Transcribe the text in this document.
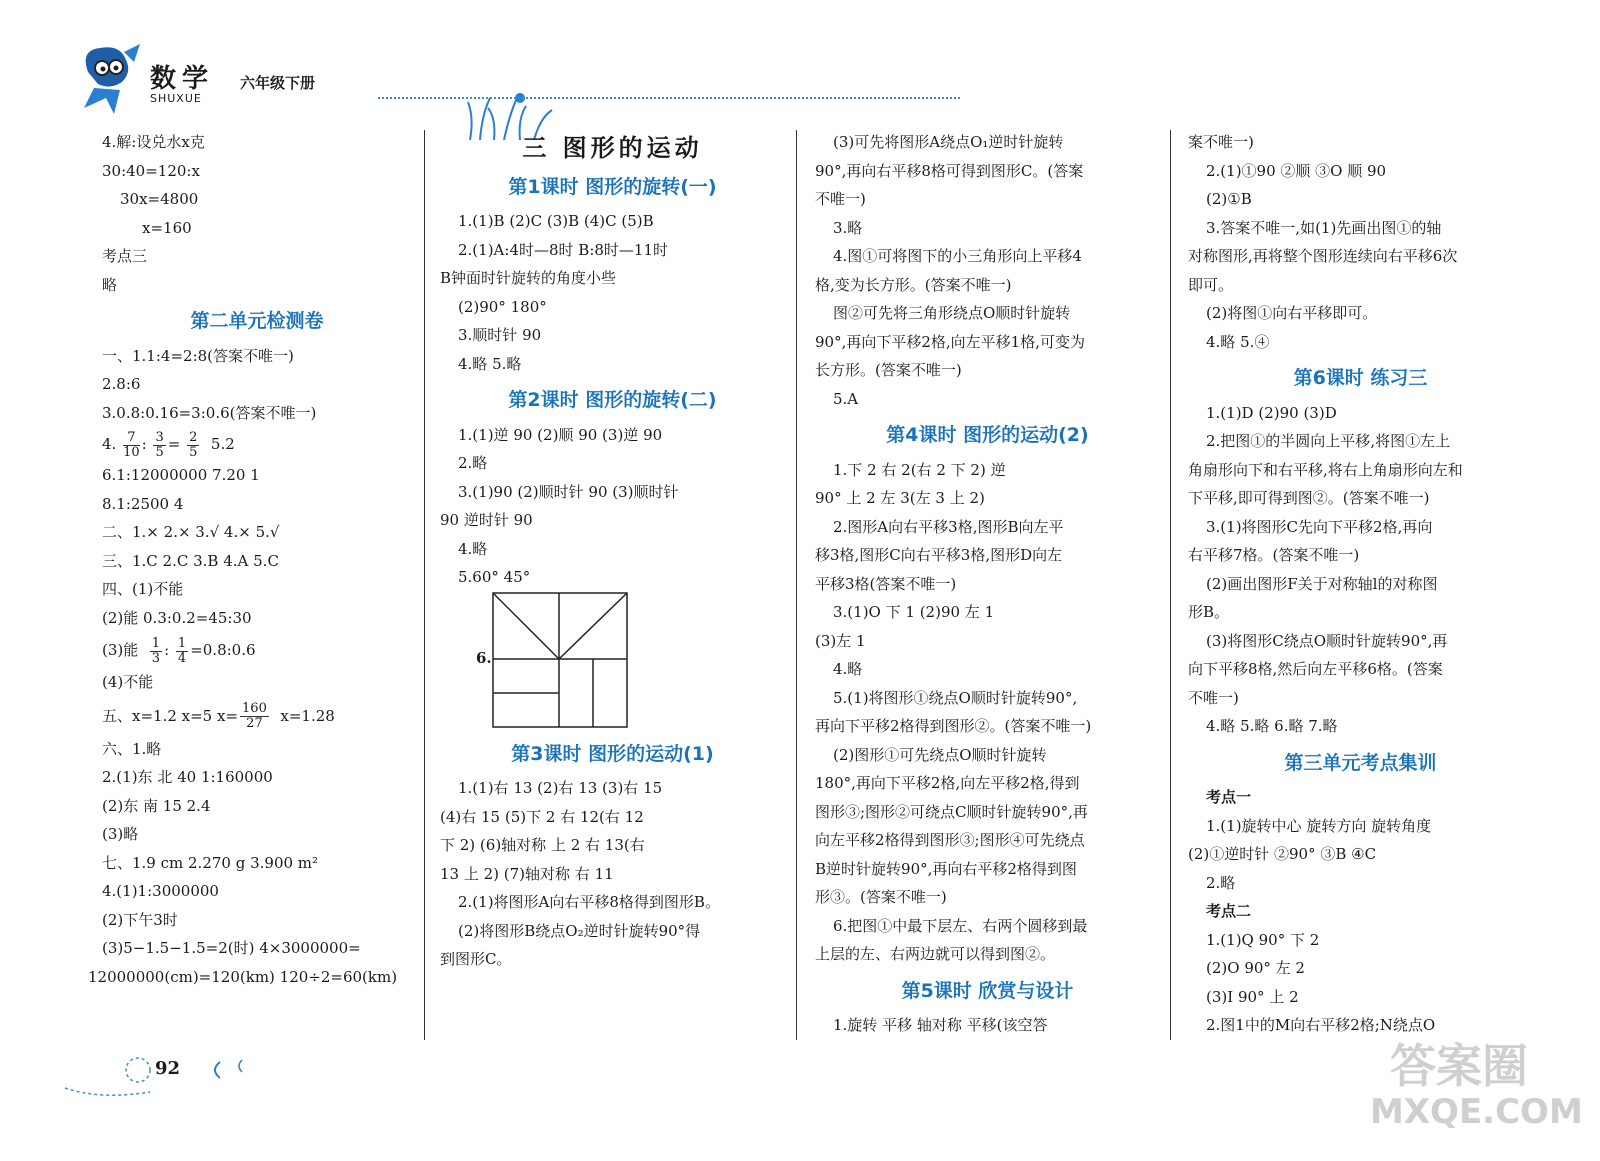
数学
SHUXUE
六年级下册
4.解:设兑水x克
30:40=120:x
30x=4800
x=160
考点三
略
第二单元检测卷
一、1.1:4=2:8(答案不唯一)
2.8:6
3.0.8:0.16=3:0.6(答案不唯一)
4. $\frac{7}{10}$ : $\frac{3}{5} = \frac{2}{5} 5.2$
6.1:12000000 7.20 1
8.1:2500 4
二、1.× 2.× 3.√ 4.× 5.√
三、1.C 2.C 3.B 4.A 5.C
四、(1)不能
(2)能 0.3:0.2=45:30
(3)能 $\frac{1}{3}$ : $\frac{1}{4}$ =0.8:0.6
(4)不能
五、x=1.2 x=5 $x= \frac{160}{27} x=1.28$
六、1.略
2.(1)东 北 40 1:160000
(2)东 南 15 2.4
(3)略
七、1.9 cm 2.270 g 3.900 m²
4.(1)1:3000000
(2)下午3时
(3)5−1.5−1.5=2(时) 4×3000000=
12000000(cm)=120(km) 120÷2=60(km)
三 图形的运动
第1课时 图形的旋转(一)
1.(1)B (2)C (3)B (4)C (5)B
2.(1)A:4时—8时 B:8时—11时
B钟面时针旋转的角度小些
(2)90° 180°
3.顺时针 90
4.略 5.略
第2课时 图形的旋转(二)
1.(1)逆 90 (2)顺 90 (3)逆 90
2.略
3.(1)90 (2)顺时针 90 (3)顺时针
90 逆时针 90
4.略
5.60° 45°
6.
第3课时 图形的运动(1)
1.(1)右 13 (2)右 13 (3)右 15
(4)右 15 (5)下 2 右 12(右 12
下 2) (6)轴对称 上 2 右 13(右
13 上 2) (7)轴对称 右 11
2.(1)将图形A向右平移8格得到图形B。
(2)将图形B绕点O₂逆时针旋转90°得
到图形C。
(3)可先将图形A绕点O₁逆时针旋转
90°,再向右平移8格可得到图形C。(答案
不唯一)
3.略
4.图①可将图下的小三角形向上平移4
格,变为长方形。(答案不唯一)
图②可先将三角形绕点O顺时针旋转
90°,再向下平移2格,向左平移1格,可变为
长方形。(答案不唯一)
5.A
第4课时 图形的运动(2)
1.下 2 右 2(右 2 下 2) 逆
90° 上 2 左 3(左 3 上 2)
2.图形A向右平移3格,图形B向左平
移3格,图形C向右平移3格,图形D向左
平移3格(答案不唯一)
3.(1)O 下 1 (2)90 左 1
(3)左 1
4.略
5.(1)将图形①绕点O顺时针旋转90°,
再向下平移2格得到图形②。(答案不唯一)
(2)图形①可先绕点O顺时针旋转
180°,再向下平移2格,向左平移2格,得到
图形③;图形②可绕点C顺时针旋转90°,再
向左平移2格得到图形③;图形④可先绕点
B逆时针旋转90°,再向右平移2格得到图
形③。(答案不唯一)
6.把图①中最下层左、右两个圆移到最
上层的左、右两边就可以得到图②。
第5课时 欣赏与设计
1.旋转 平移 轴对称 平移(该空答
案不唯一)
2.(1)①90 ②顺 ③O 顺 90
(2)①B
3.答案不唯一,如(1)先画出图①的轴
对称图形,再将整个图形连续向右平移6次
即可。
(2)将图①向右平移即可。
4.略 5.④
第6课时 练习三
1.(1)D (2)90 (3)D
2.把图①的半圆向上平移,将图①左上
角扇形向下和右平移,将右上角扇形向左和
下平移,即可得到图②。(答案不唯一)
3.(1)将图形C先向下平移2格,再向
右平移7格。(答案不唯一)
(2)画出图形F关于对称轴l的对称图
形B。
(3)将图形C绕点O顺时针旋转90°,再
向下平移8格,然后向左平移6格。(答案
不唯一)
4.略 5.略 6.略 7.略
第三单元考点集训
考点一
1.(1)旋转中心 旋转方向 旋转角度
(2)①逆时针 ②90° ③B ④C
2.略
考点二
1.(1)Q 90° 下 2
(2)O 90° 左 2
(3)I 90° 上 2
2.图1中的M向右平移2格;N绕点O
92	答案圈
MXQE.COM
